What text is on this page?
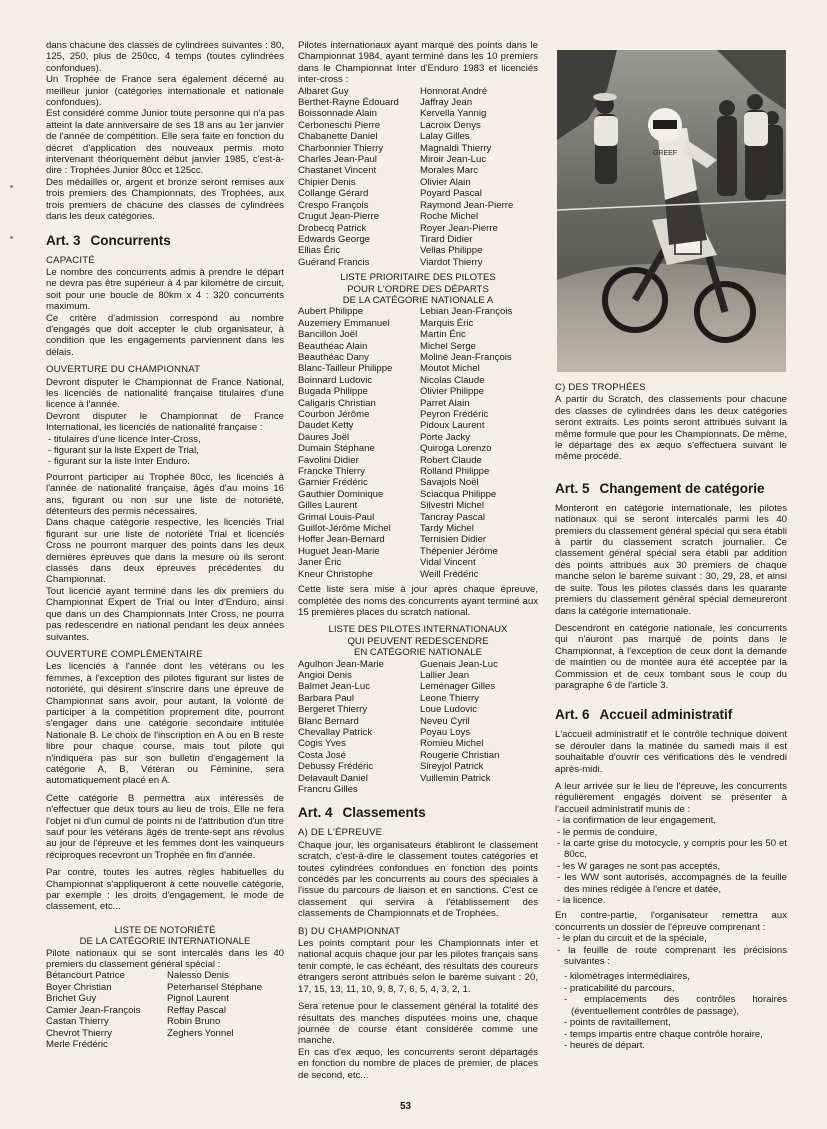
dans chacune des classes de cylindrées suivantes : 80, 125, 250, plus de 250cc, 4 temps (toutes cylindrées confondues).

Un Trophée de France sera également décerné au meilleur junior (catégories internationale et nationale confondues).

Est considéré comme Junior toute personne qui n'a pas atteint la date anniversaire de ses 18 ans au 1er janvier de l'année de compétition. Elle sera faite en fonction du décret d'application des nouveaux permis moto intervenant théoriquement début janvier 1985, c'est-à-dire : Trophées Junior 80cc et 125cc.

Des médailles or, argent et bronze seront remises aux trois premiers des Championnats, des Trophées, aux trois premiers de chacune des classes de cylindrées dans les deux catégories.

Art. 3 Concurrents
CAPACITÉ

Le nombre des concurrents admis à prendre le départ ne devra pas être supérieur à 4 par kilomètre de circuit, soit pour une boucle de 80km x 4 : 320 concurrents maximum.

Ce critère d'admission correspond au nombre d'engagés que doit accepter le club organisateur, à condition que les engagements parviennent dans les délais.

OUVERTURE DU CHAMPIONNAT

Devront disputer le Championnat de France National, les licenciés de nationalité française titulaires d'une licence à l'année.

Devront disputer le Championnat de France International, les licenciés de nationalité française :

- titulaires d'une licence Inter-Cross,
- figurant sur la liste Expert de Trial,
- figurant sur la liste Inter Enduro.

Pourront participer au Trophée 80cc, les licenciés à l'année de nationalité française, âgés d'au moins 16 ans, figurant ou non sur une liste de notoriété, détenteurs des permis nécessaires.

Dans chaque catégorie respective, les licenciés Trial figurant sur une liste de notoriété Trial et licenciés Cross ne pourront marquer des points dans les deux dernières épreuves que dans la mesure où ils seront classés dans deux épreuves précédentes du Championnat.

Tout licencié ayant terminé dans les dix premiers du Championnat Expert de Trial ou Inter d'Enduro, ainsi que dans un des Championnats Inter Cross, ne pourra pas redescendre en national pendant les deux années suivantes.

OUVERTURE COMPLÉMENTAIRE

Les licenciés à l'année dont les vétérans ou les femmes, à l'exception des pilotes figurant sur listes de notoriété, qui désirent s'inscrire dans une épreuve de Championnat sans avoir, pour autant, la volonté de participer à la compétition proprement dite, pourront s'engager dans une catégorie secondaire intitulée Nationale B. Le choix de l'inscription en A ou en B reste libre pour chaque course, mais tout pilote qui n'indiquera pas sur son bulletin d'engagement la catégorie A, B, Vétéran ou Féminine, sera automatiquement placé en A.

Cette catégorie B permettra aux intéressés de n'effectuer que deux tours au lieu de trois. Elle ne fera l'objet ni d'un cumul de points ni de l'attribution d'un titre sauf pour les vétérans âgés de trente-sept ans révolus au jour de l'épreuve et les femmes dont les vainqueurs réciproques recevront un Trophée en fin d'année.

Par contre, toutes les autres règles habituelles du Championnat s'appliqueront à cette nouvelle catégorie, par exemple : les droits d'engagement, le mode de classement, etc...

LISTE DE NOTORIÉTÉ
DE LA CATÉGORIE INTERNATIONALE

Pilote nationaux qui se sont intercalés dans les 40 premiers du classement général spécial :

Bétancourt Patrice	Nalesso Denis
Boyer Christian	Peterhansel Stéphane
Brichet Guy	Pignol Laurent
Camier Jean-François	Reffay Pascal
Castan Thierry	Robin Bruno
Chevrot Thierry	Zeghers Yonnel
Merle Frédéric

Pilotes internationaux ayant marqué des points dans le Championnat 1984, ayant terminé dans les 10 premiers dans le Championnat Inter d'Enduro 1983 et licenciés inter-cross :

Albaret Guy	Honnorat André
Berthet-Rayne Édouard	Jaffray Jean
Boissonnade Alain	Kervella Yannig
Cerboneschi Pierre	Lacroix Denys
Chabanette Daniel	Lalay Gilles
Charbonnier Thierry	Magnaldi Thierry
Charles Jean-Paul	Miroir Jean-Luc
Chastanet Vincent	Morales Marc
Chipier Denis	Olivier Alain
Collange Gérard	Poyard Pascal
Crespo François	Raymond Jean-Pierre
Crugut Jean-Pierre	Roche Michel
Drobecq Patrick	Royer Jean-Pierre
Edwards George	Tirard Didier
Ellias Éric	Vellas Philippe
Guérand Francis	Viardot Thierry
LISTE PRIORITAIRE DES PILOTES
POUR L'ORDRE DES DÉPARTS
DE LA CATÉGORIE NATIONALE A
Aubert Philippe	Lebian Jean-François
Auzemery Emmanuel	Marquis Éric
Bancillon Joël	Martin Éric
Beauthéac Alain	Michel Serge
Beauthéac Dany	Moliné Jean-François
Blanc-Tailleur Philippe	Moutot Michel
Boinnard Ludovic	Nicolas Claude
Bugada Philippe	Olivier Philippe
Caligaris Christian	Parret Alain
Courbon Jérôme	Peyron Frédéric
Daudet Ketty	Pidoux Laurent
Daures Joël	Porte Jacky
Dumain Stéphane	Quiroga Lorenzo
Favolini Didier	Robert Claude
Francke Thierry	Rolland Philippe
Garnier Frédéric	Savajols Noël
Gauthier Dominique	Sciacqua Philippe
Gilles Laurent	Silvestri Michel
Grimal Louis-Paul	Tancray Pascal
Guillot-Jérôme Michel	Tardy Michel
Hoffer Jean-Bernard	Ternisien Didier
Huguet Jean-Marie	Thépenier Jérôme
Janer Éric	Vidal Vincent
Kneur Christophe	Weill Frédéric

Cette liste sera mise à jour après chaque épreuve, complétée des noms des concurrents ayant terminé aux 15 premières places du scratch national.

LISTE DES PILOTES INTERNATIONAUX
QUI PEUVENT REDESCENDRE
EN CATÉGORIE NATIONALE
Agulhon Jean-Marie	Guenais Jean-Luc
Angioi Denis	Lallier Jean
Balmet Jean-Luc	Leménager Gilles
Barbara Paul	Leone Thierry
Bergeret Thierry	Loue Ludovic
Blanc Bernard	Neveu Cyril
Chevallay Patrick	Poyau Loys
Cogis Yves	Romieu Michel
Costa José	Rougerie Christian
Debussy Frédéric	Sireyjol Patrick
Delavault Daniel	Vuillemin Patrick
Francru Gilles
Art. 4 Classements
A) DE L'ÉPREUVE

Chaque jour, les organisateurs établiront le classement scratch, c'est-à-dire le classement toutes catégories et toutes cylindrées confondues en fonction des points concédés par les concurrents au cours des spéciales à l'issue du parcours de liaison et en sanctions. C'est ce classement qui servira à l'établissement des classements de Championnats et de Trophées.

B) DU CHAMPIONNAT

Les points comptant pour les Championnats inter et national acquis chaque jour par les pilotes français sans tenir compte, le cas échéant, des résultats des coureurs étrangers seront attribués selon le barème suivant : 20, 17, 15, 13, 11, 10, 9, 8, 7, 6, 5, 4, 3, 2, 1.

Sera retenue pour le classement général la totalité des résultats des manches disputées moins une, chaque journée de course étant considérée comme une manche.

En cas d'ex æquo, les concurrents seront départagés en fonction du nombre de places de premier, de places de second, etc...

GREEF
C) DES TROPHÉES

A partir du Scratch, des classements pour chacune des classes de cylindrées dans les deux catégories seront extraits. Les points seront attribués suivant la même formule que pour les Championnats. De même, le départage des ex æquo s'effectuera suivant le même procédé.

Art. 5 Changement de catégorie

Monteront en catégorie internationale, les pilotes nationaux qui se seront intercalés parmi les 40 premiers du classement général spécial qui sera établi à partir du classement scratch journalier. Ce classement général spécial sera établi par addition des points attribués aux 30 premiers de chaque manche selon le barème suivant : 30, 29, 28, et ainsi de suite. Tous les pilotes classés dans les quarante premiers du classement général spécial demeureront dans la catégorie internationale.

Descendront en catégorie nationale, les concurrents qui n'auront pas marqué de points dans le Championnat, à l'exception de ceux dont la demande de maintien ou de montée aura été acceptée par la Commission et de ceux tombant sous le coup du paragraphe 6 de l'article 3.

Art. 6 Accueil administratif

L'accueil administratif et le contrôle technique doivent se dérouler dans la matinée du samedi mais il est souhaitable d'ouvrir ces vérifications dès le vendredi après-midi.

A leur arrivée sur le lieu de l'épreuve, les concurrents régulièrement engagés doivent se présenter à l'accueil administratif munis de :

- la confirmation de leur engagement,
- le permis de conduire,
- la carte grise du motocycle, y compris pour les 50 et 80cc,
- les W garages ne sont pas acceptés,
- les WW sont autorisés, accompagnés de la feuille des mines rédigée à l'encre et datée,
- la licence.

En contre-partie, l'organisateur remettra aux concurrents un dossier de l'épreuve comprenant :

- le plan du circuit et de la spéciale,
- la feuille de route comprenant les précisions suivantes :
- kilométrages intermédiaires,
- praticabilité du parcours,
- emplacements des contrôles horaires (éventuellement contrôles de passage),
- points de ravitaillement,
- temps impartis entre chaque contrôle horaire,
- heures de départ.
53
